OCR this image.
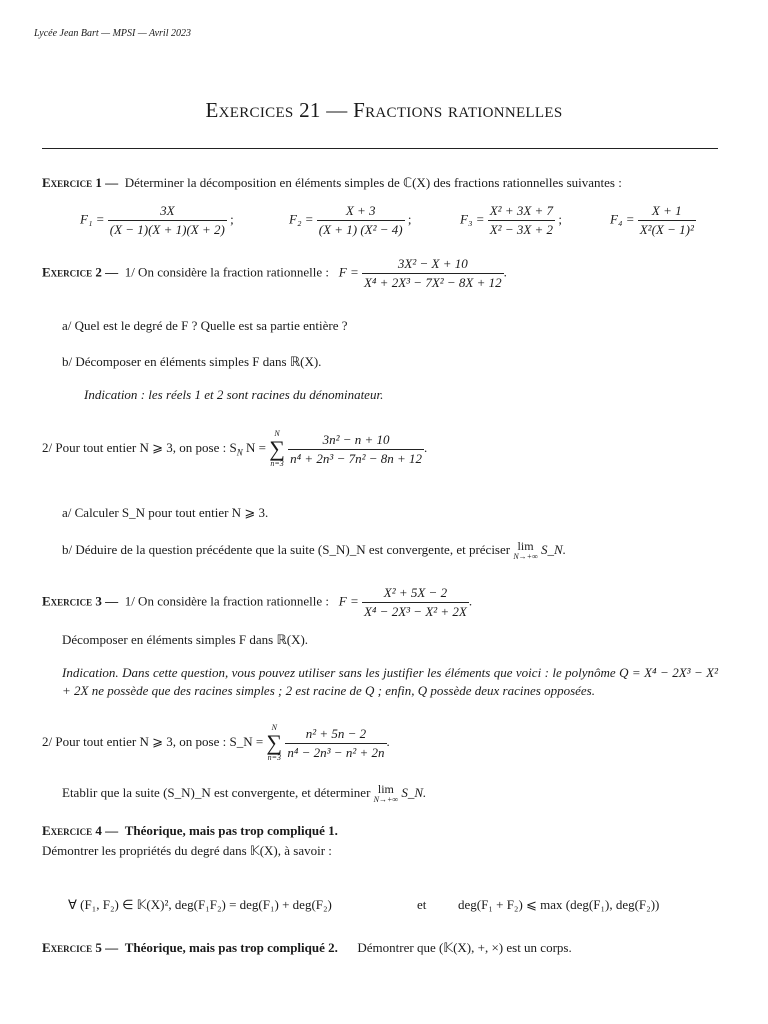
Lycée Jean Bart — MPSI — Avril 2023
Exercices 21 — Fractions rationnelles
Exercice 1 — Déterminer la décomposition en éléments simples de ℂ(X) des fractions rationnelles suivantes :
$F_1 = \frac{3X}{(X - 1)(X + 1)(X + 2)}$ ;	$F_2 = \frac{X + 3}{\text{(X + 1) (X² − 4)}}$ ;	$F_3 = \frac{\text{X² + 3X + 7}}{\text{X² − 3X + 2}}$ ;	$F_4 = \frac{X + 1}{\text{X²(X − 1)²}}$
Exercice 2 — 1/ On considère la fraction rationnelle : $F = \frac{\text{3X² − X + 10}}{\text{X⁴ + 2X³ − 7X² − 8X + 12}}$ .
a/ Quel est le degré de F ? Quelle est sa partie entière ?
b/ Décomposer en éléments simples F dans ℝ(X).
Indication : les réels 1 et 2 sont racines du dénominateur.
2/ Pour tout entier N ⩾ 3, on pose : $S_N$ N =
N
∑
n=3
$\frac{\text{3n² − n + 10}}{\text{n⁴ + 2n³ − 7n² − 8n + 12}}$ .
a/ Calculer S_N pour tout entier N ⩾ 3.
b/ Déduire de la question précédente que la suite (S_N)_N est convergente, et préciser lim
N→+∞ S_N.
Exercice 3 — 1/ On considère la fraction rationnelle : $F = \frac{\text{X² + 5X − 2}}{\text{X⁴ − 2X³ − X² + 2X}}$ .
Décomposer en éléments simples F dans ℝ(X).
Indication. Dans cette question, vous pouvez utiliser sans les justifier les éléments que voici : le polynôme Q = X⁴ − 2X³ − X² + 2X ne possède que des racines simples ; 2 est racine de Q ; enfin, Q possède deux racines opposées.
2/ Pour tout entier N ⩾ 3, on pose : S_N =
N
∑
n=3
$\frac{\text{n² + 5n − 2}}{\text{n⁴ − 2n³ − n² + 2n}}$ .
Etablir que la suite (S_N)_N est convergente, et déterminer lim
N→+∞ S_N.
Exercice 4 — Théorique, mais pas trop compliqué 1.
Démontrer les propriétés du degré dans 𝕂(X), à savoir :
∀ (F₁, F₂) ∈ 𝕂(X)², deg(F₁F₂) = deg(F₁) + deg(F₂)	et deg(F₁ + F₂) ⩽ max (deg(F₁), deg(F₂))
Exercice 5 — Théorique, mais pas trop compliqué 2. Démontrer que (𝕂(X), +, ×) est un corps.
